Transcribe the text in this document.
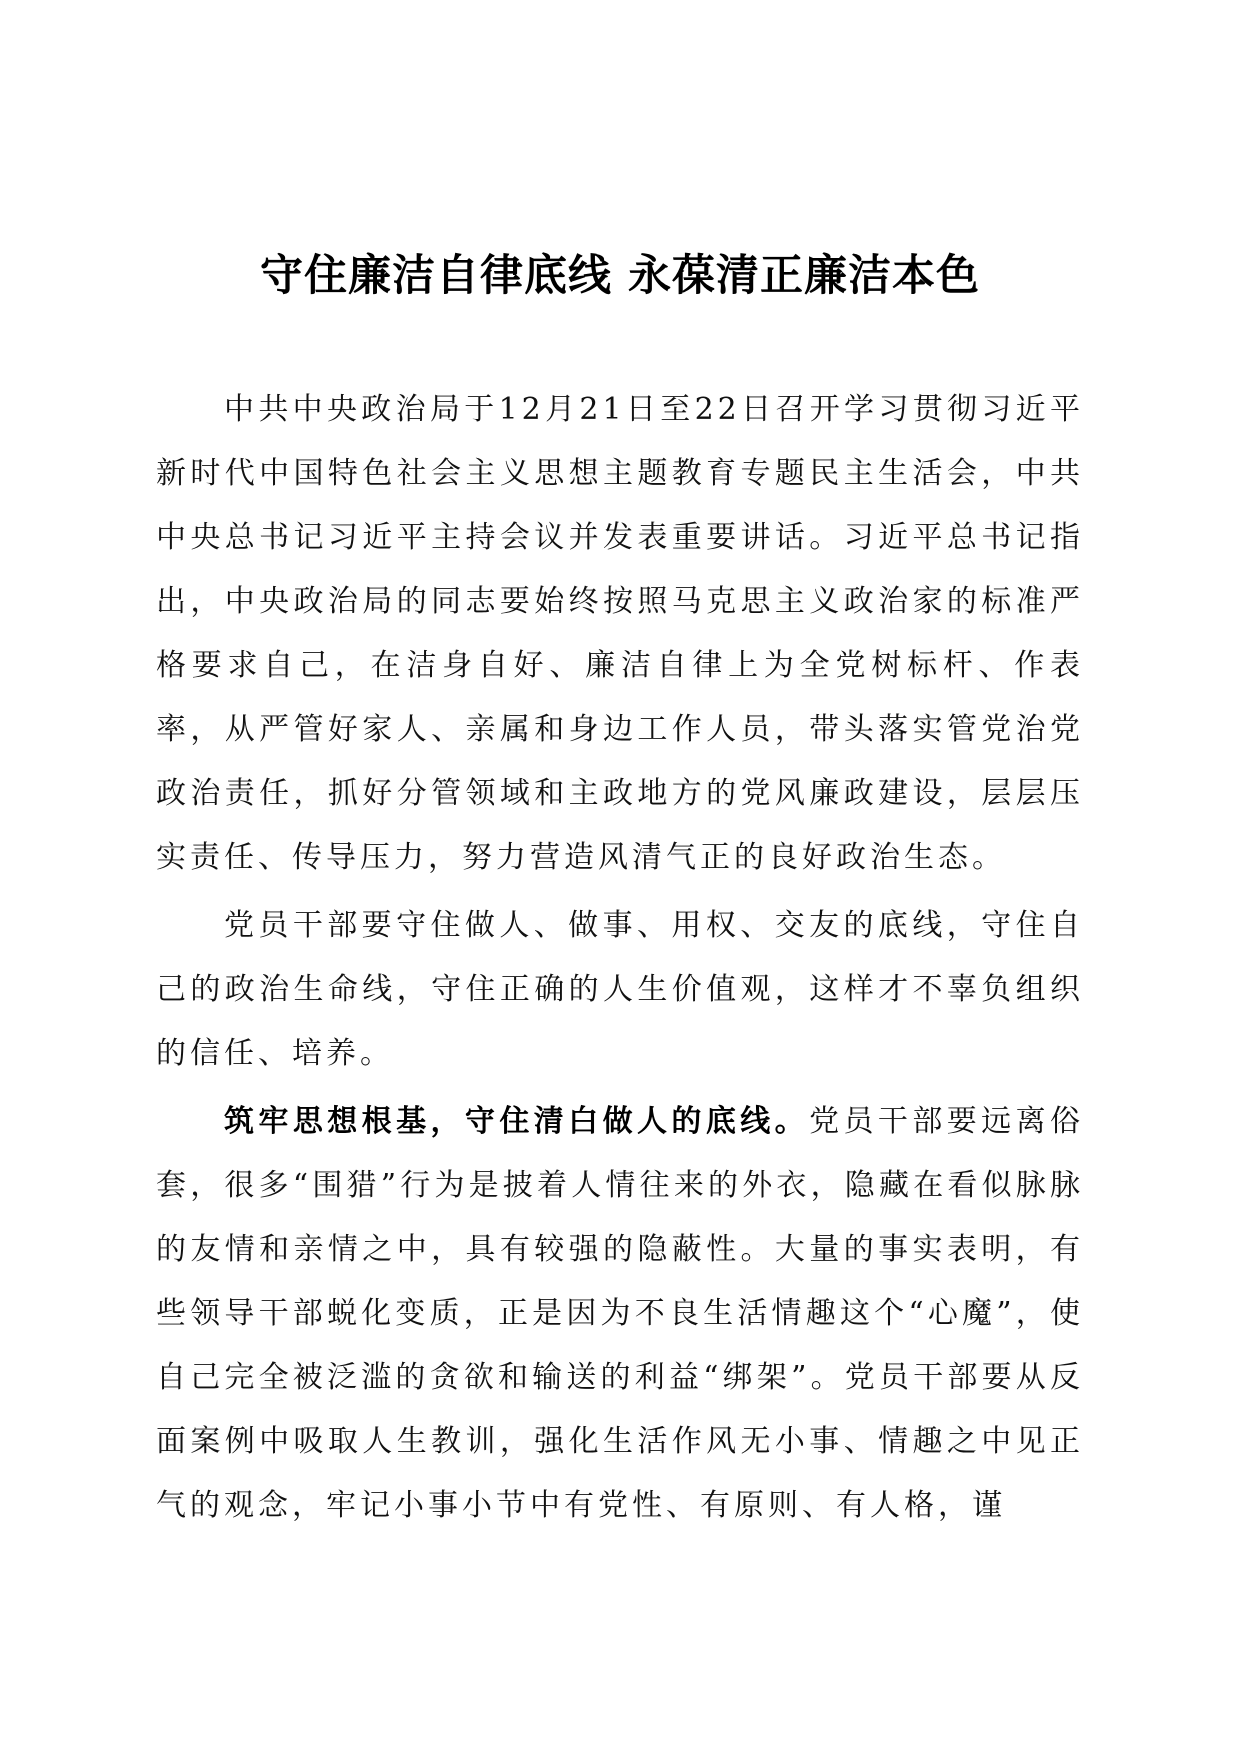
守住廉洁自律底线 永葆清正廉洁本色

中共中央政治局于12月21日至22日召开学习贯彻习近平新时代中国特色社会主义思想主题教育专题民主生活会，中共中央总书记习近平主持会议并发表重要讲话。习近平总书记指出，中央政治局的同志要始终按照马克思主义政治家的标准严格要求自己，在洁身自好、廉洁自律上为全党树标杆、作表率，从严管好家人、亲属和身边工作人员，带头落实管党治党政治责任，抓好分管领域和主政地方的党风廉政建设，层层压实责任、传导压力，努力营造风清气正的良好政治生态。

党员干部要守住做人、做事、用权、交友的底线，守住自己的政治生命线，守住正确的人生价值观，这样才不辜负组织的信任、培养。

筑牢思想根基，守住清白做人的底线。党员干部要远离俗套，很多“围猎”行为是披着人情往来的外衣，隐藏在看似脉脉的友情和亲情之中，具有较强的隐蔽性。大量的事实表明，有些领导干部蜕化变质，正是因为不良生活情趣这个“心魔”，使自己完全被泛滥的贪欲和输送的利益“绑架”。党员干部要从反面案例中吸取人生教训，强化生活作风无小事、情趣之中见正气的观念，牢记小事小节中有党性、有原则、有人格，谨
